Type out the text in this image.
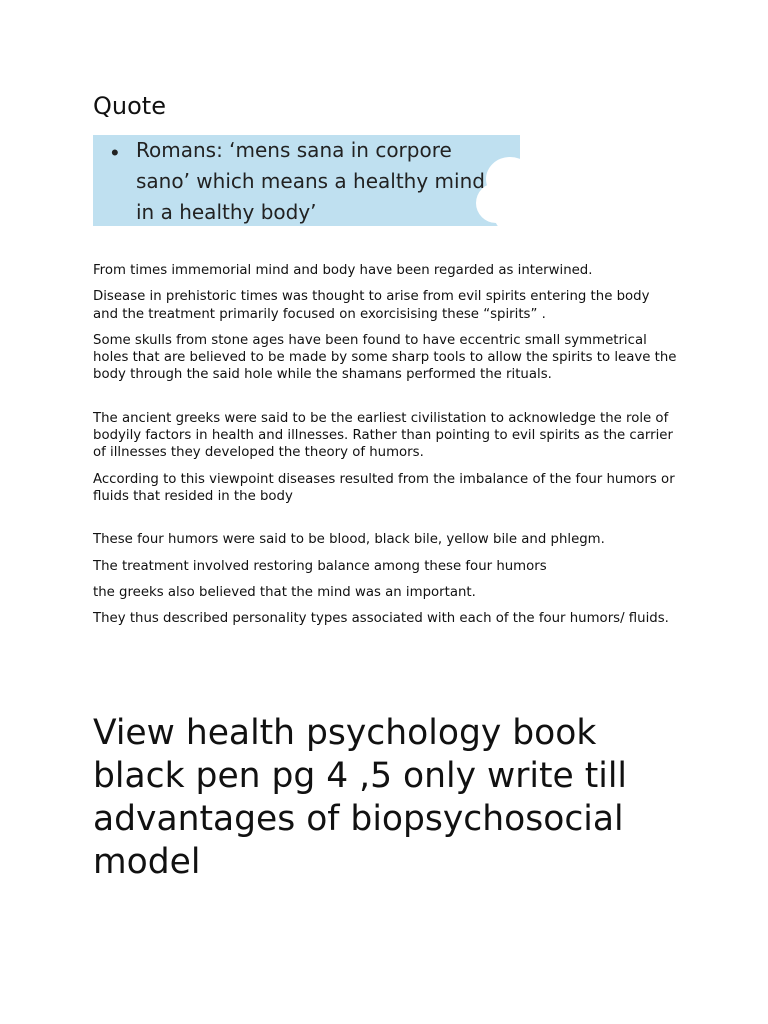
Quote
• Romans: ‘mens sana in corpore
sano’ which means a healthy mind
in a healthy body’

From times immemorial mind and body have been regarded as interwined.

Disease in prehistoric times was thought to arise from evil spirits entering the body and the treatment primarily focused on exorcisising these “spirits” .

Some skulls from stone ages have been found to have eccentric small symmetrical holes that are believed to be made by some sharp tools to allow the spirits to leave the body through the said hole while the shamans performed the rituals.

The ancient greeks were said to be the earliest civilistation to acknowledge the role of bodyily factors in health and illnesses. Rather than pointing to evil spirits as the carrier of illnesses they developed the theory of humors.

According to this viewpoint diseases resulted from the imbalance of the four humors or fluids that resided in the body

These four humors were said to be blood, black bile, yellow bile and phlegm.

The treatment involved restoring balance among these four humors

the greeks also believed that the mind was an important.

They thus described personality types associated with each of the four humors/ fluids.

View health psychology book black pen pg 4 ,5 only write till advantages of biopsychosocial model
